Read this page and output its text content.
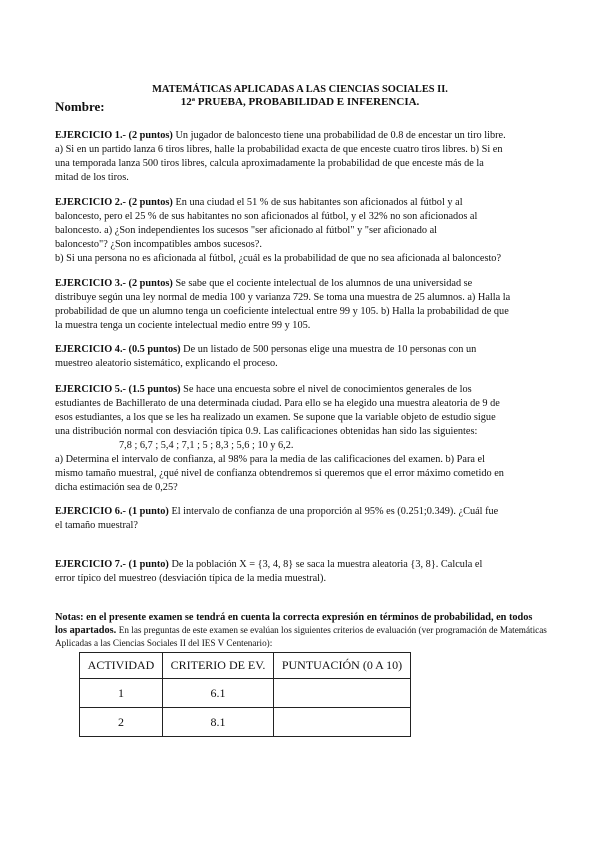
MATEMÁTICAS APLICADAS A LAS CIENCIAS SOCIALES II.
12ª PRUEBA, PROBABILIDAD E INFERENCIA.
Nombre:
EJERCICIO 1.- (2 puntos) Un jugador de baloncesto tiene una probabilidad de 0.8 de encestar un tiro libre.
a) Si en un partido lanza 6 tiros libres, halle la probabilidad exacta de que enceste cuatro tiros libres. b) Si en
una temporada lanza 500 tiros libres, calcula aproximadamente la probabilidad de que enceste más de la
mitad de los tiros.
EJERCICIO 2.- (2 puntos) En una ciudad el 51 % de sus habitantes son aficionados al fútbol y al
baloncesto, pero el 25 % de sus habitantes no son aficionados al fútbol, y el 32% no son aficionados al
baloncesto. a) ¿Son independientes los sucesos "ser aficionado al fútbol" y "ser aficionado al
baloncesto"? ¿Son incompatibles ambos sucesos?.
b) Si una persona no es aficionada al fútbol, ¿cuál es la probabilidad de que no sea aficionada al baloncesto?
EJERCICIO 3.- (2 puntos) Se sabe que el cociente intelectual de los alumnos de una universidad se
distribuye según una ley normal de media 100 y varianza 729. Se toma una muestra de 25 alumnos. a) Halla la
probabilidad de que un alumno tenga un coeficiente intelectual entre 99 y 105. b) Halla la probabilidad de que
la muestra tenga un cociente intelectual medio entre 99 y 105.
EJERCICIO 4.- (0.5 puntos) De un listado de 500 personas elige una muestra de 10 personas con un
muestreo aleatorio sistemático, explicando el proceso.
EJERCICIO 5.- (1.5 puntos) Se hace una encuesta sobre el nivel de conocimientos generales de los
estudiantes de Bachillerato de una determinada ciudad. Para ello se ha elegido una muestra aleatoria de 9 de
esos estudiantes, a los que se les ha realizado un examen. Se supone que la variable objeto de estudio sigue
una distribución normal con desviación típica 0.9. Las calificaciones obtenidas han sido las siguientes:
7,8 ; 6,7 ; 5,4 ; 7,1 ; 5 ; 8,3 ; 5,6 ; 10 y 6,2.
a) Determina el intervalo de confianza, al 98% para la media de las calificaciones del examen. b) Para el
mismo tamaño muestral, ¿qué nivel de confianza obtendremos si queremos que el error máximo cometido en
dicha estimación sea de 0,25?
EJERCICIO 6.- (1 punto) El intervalo de confianza de una proporción al 95% es (0.251;0.349). ¿Cuál fue
el tamaño muestral?
EJERCICIO 7.- (1 punto) De la población X = {3, 4, 8} se saca la muestra aleatoria {3, 8}. Calcula el
error típico del muestreo (desviación típica de la media muestral).
Notas: en el presente examen se tendrá en cuenta la correcta expresión en términos de probabilidad, en todos los apartados. En las preguntas de este examen se evalúan los siguientes criterios de evaluación (ver programación de Matemáticas Aplicadas a las Ciencias Sociales II del IES V Centenario):
ACTIVIDAD	CRITERIO DE EV.	PUNTUACIÓN (0 A 10)
1	6.1	
2	8.1	
